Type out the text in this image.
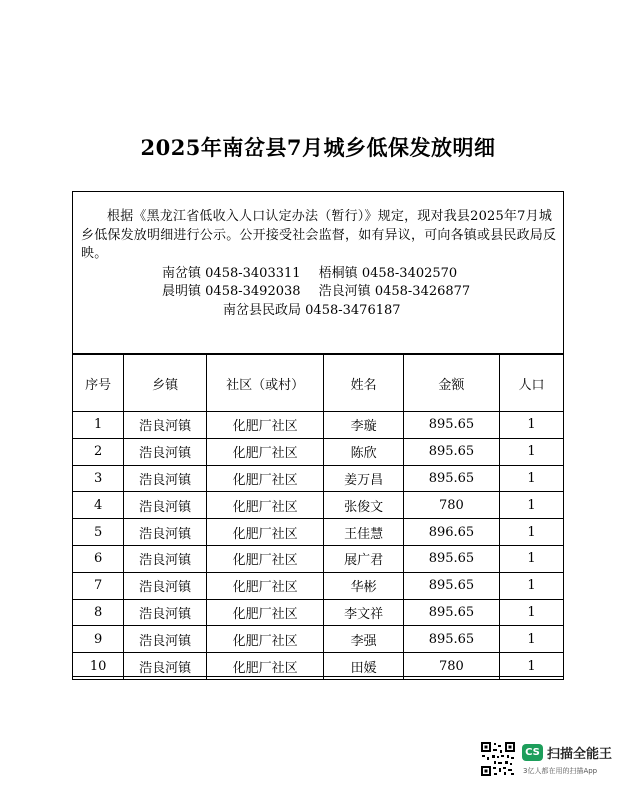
2025年南岔县7月城乡低保发放明细

根据《黑龙江省低收入人口认定办法（暂行）》规定，现对我县2025年7月城乡低保发放明细进行公示。公开接受社会监督，如有异议，可向各镇或县民政局反映。

南岔镇 0458-3403311 梧桐镇 0458-3402570
晨明镇 0458-3492038 浩良河镇 0458-3426877
南岔县民政局 0458-3476187
序号	乡镇	社区（或村）	姓名	金额	人口
1	浩良河镇	化肥厂社区	李璇	895.65	1
2	浩良河镇	化肥厂社区	陈欣	895.65	1
3	浩良河镇	化肥厂社区	姜万昌	895.65	1
4	浩良河镇	化肥厂社区	张俊文	780	1
5	浩良河镇	化肥厂社区	王佳慧	896.65	1
6	浩良河镇	化肥厂社区	展广君	895.65	1
7	浩良河镇	化肥厂社区	华彬	895.65	1
8	浩良河镇	化肥厂社区	李文祥	895.65	1
9	浩良河镇	化肥厂社区	李强	895.65	1
10	浩良河镇	化肥厂社区	田媛	780	1
CS 扫描全能王
3亿人都在用的扫描App
